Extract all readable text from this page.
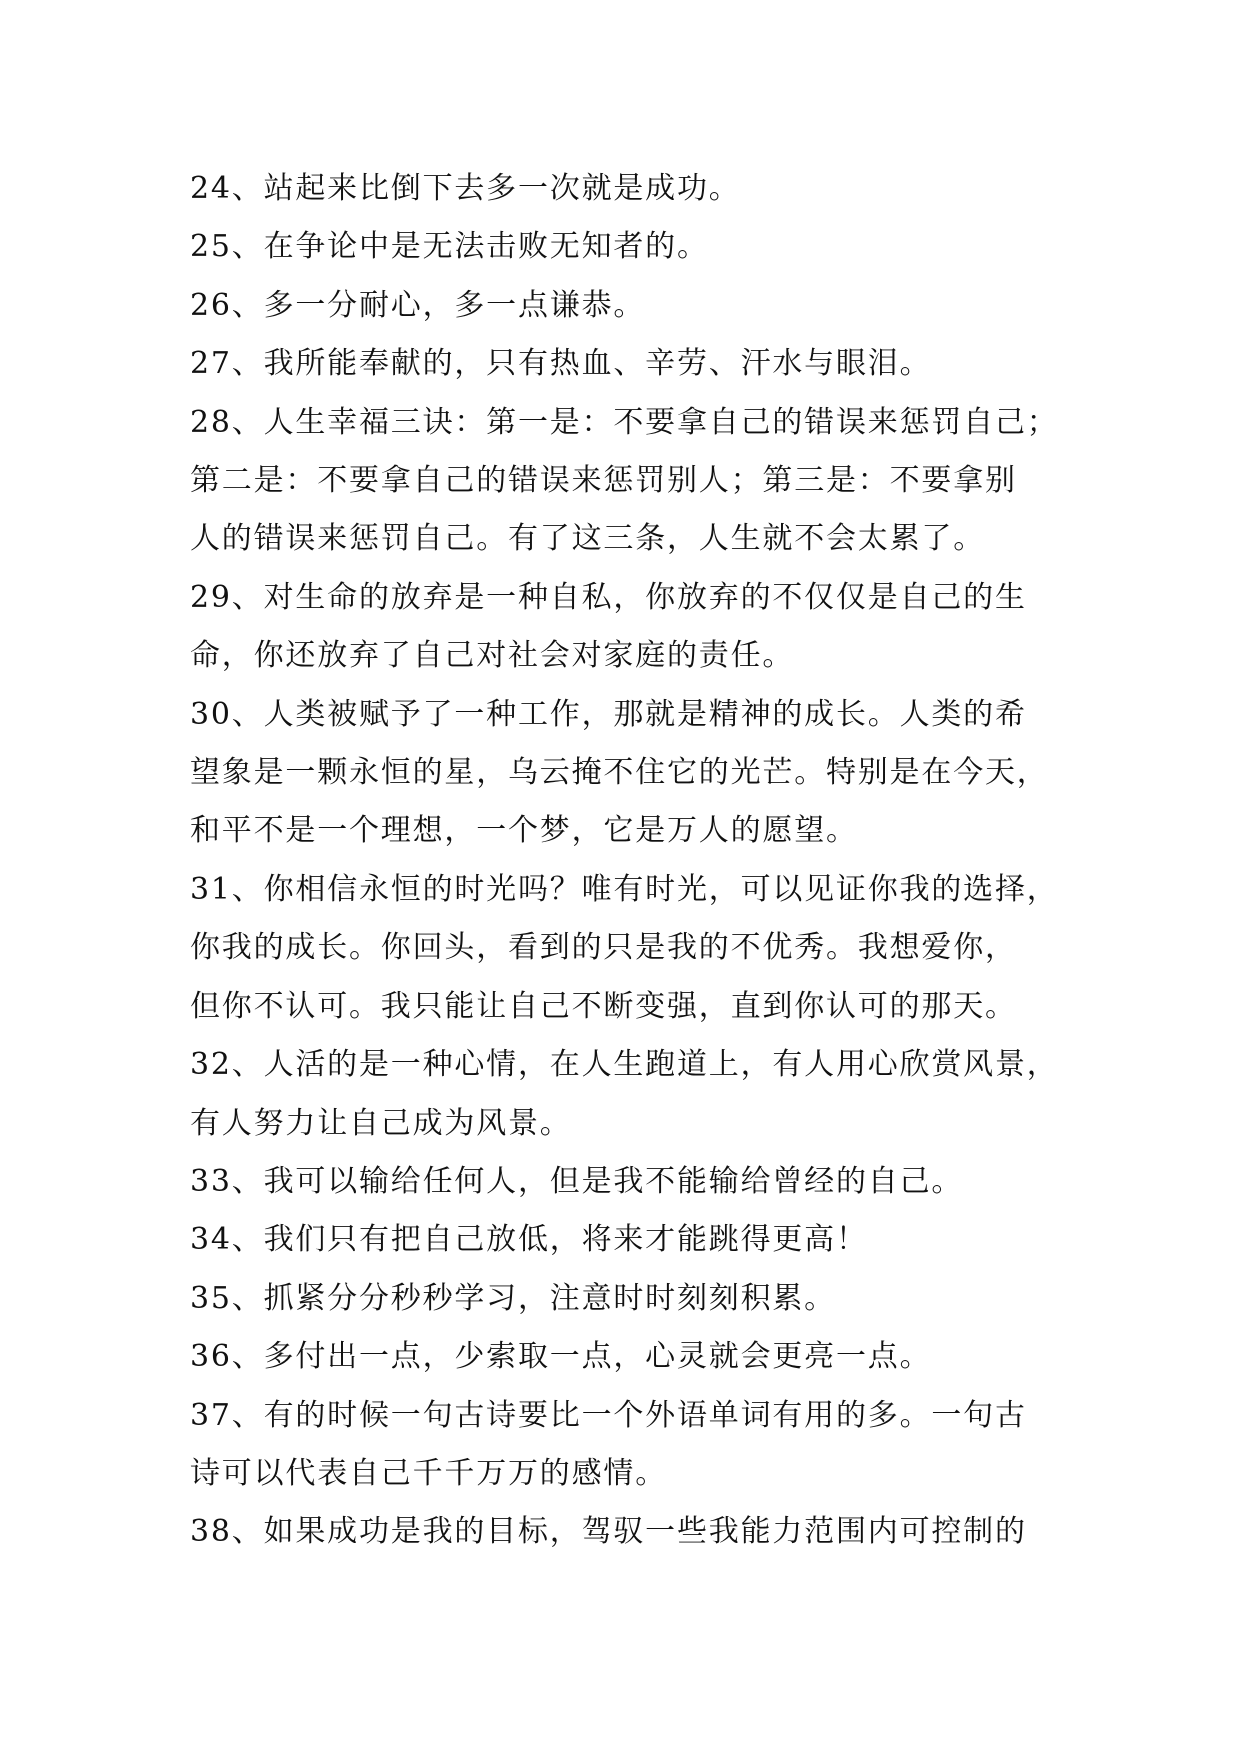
24、站起来比倒下去多一次就是成功。
25、在争论中是无法击败无知者的。
26、多一分耐心，多一点谦恭。
27、我所能奉献的，只有热血、辛劳、汗水与眼泪。
28、人生幸福三诀：第一是：不要拿自己的错误来惩罚自己；
第二是：不要拿自己的错误来惩罚别人；第三是：不要拿别
人的错误来惩罚自己。有了这三条，人生就不会太累了。
29、对生命的放弃是一种自私，你放弃的不仅仅是自己的生
命，你还放弃了自己对社会对家庭的责任。
30、人类被赋予了一种工作，那就是精神的成长。人类的希
望象是一颗永恒的星，乌云掩不住它的光芒。特别是在今天，
和平不是一个理想，一个梦，它是万人的愿望。
31、你相信永恒的时光吗？唯有时光，可以见证你我的选择，
你我的成长。你回头，看到的只是我的不优秀。我想爱你，
但你不认可。我只能让自己不断变强，直到你认可的那天。
32、人活的是一种心情，在人生跑道上，有人用心欣赏风景，
有人努力让自己成为风景。
33、我可以输给任何人，但是我不能输给曾经的自己。
34、我们只有把自己放低，将来才能跳得更高！
35、抓紧分分秒秒学习，注意时时刻刻积累。
36、多付出一点，少索取一点，心灵就会更亮一点。
37、有的时候一句古诗要比一个外语单词有用的多。一句古
诗可以代表自己千千万万的感情。
38、如果成功是我的目标，驾驭一些我能力范围内可控制的
